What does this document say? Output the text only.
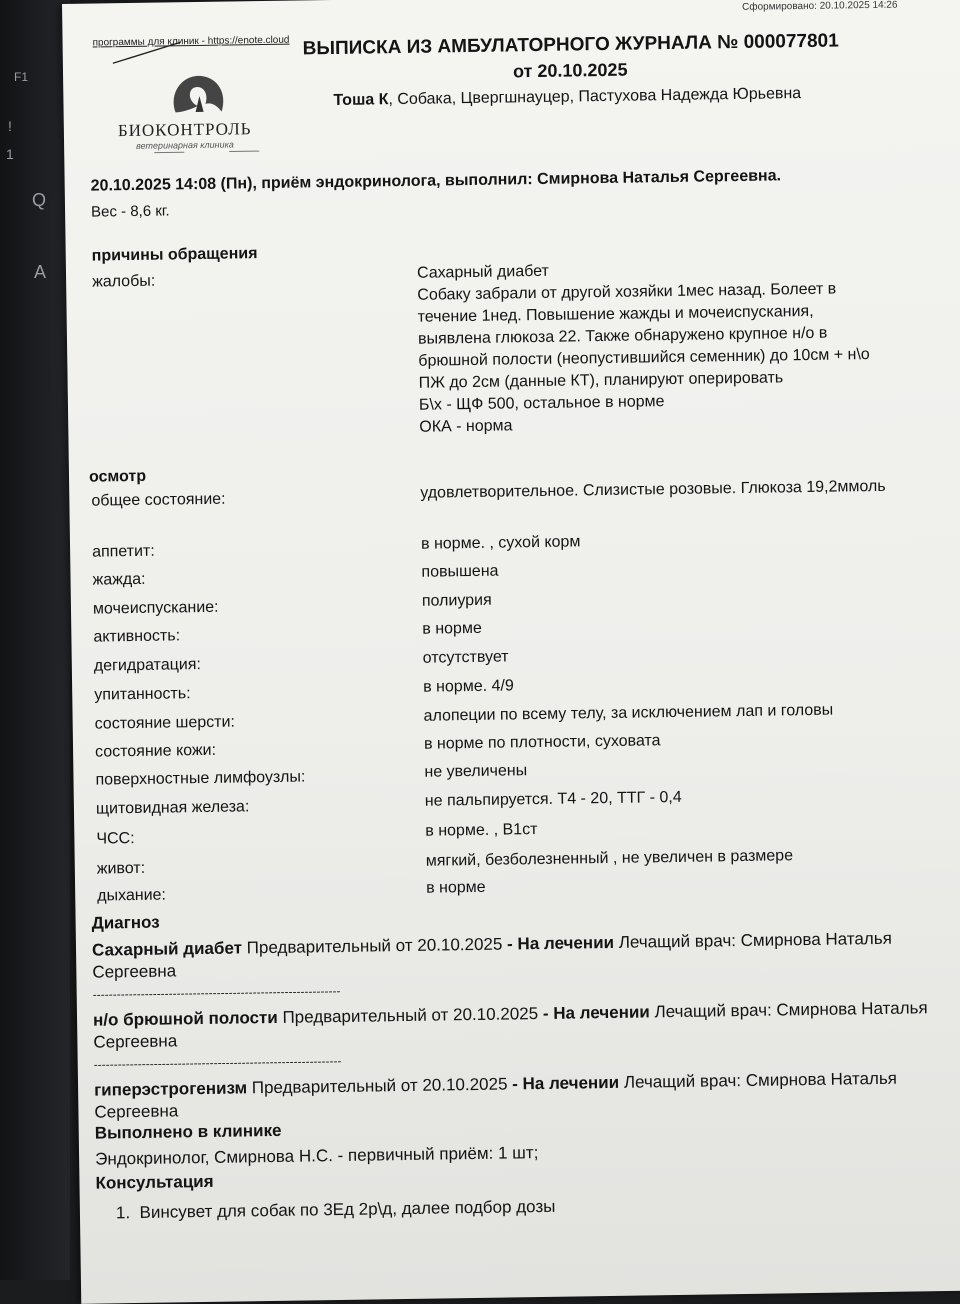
F1
!
1
Q
A
Сформировано: 20.10.2025 14:26
программы для клиник - https://enote.cloud
БИОКОНТРОЛЬ
ветеринарная клиника
ВЫПИСКА ИЗ АМБУЛАТОРНОГО ЖУРНАЛА № 000077801
от 20.10.2025
Тоша К, Собака, Цвергшнауцер, Пастухова Надежда Юрьевна
20.10.2025 14:08 (Пн), приём эндокринолога, выполнил: Смирнова Наталья Сергеевна.
Вес - 8,6 кг.
причины обращения
жалобы:	Сахарный диабет
Собаку забрали от другой хозяйки 1мес назад. Болеет в
течение 1нед. Повышение жажды и мочеиспускания,
выявлена глюкоза 22. Также обнаружено крупное н/о в
брюшной полости (неопустившийся семенник) до 10см + н\о
ПЖ до 2см (данные КТ), планируют оперировать
Б\х - ЩФ 500, остальное в норме
ОКА - норма
осмотр
общее состояние:	удовлетворительное. Слизистые розовые. Глюкоза 19,2ммоль
аппетит:	в норме. , сухой корм
жажда:	повышена
мочеиспускание:	полиурия
активность:	в норме
дегидратация:	отсутствует
упитанность:	в норме. 4/9
состояние шерсти:	алопеции по всему телу, за исключением лап и головы
состояние кожи:	в норме по плотности, суховата
поверхностные лимфоузлы:	не увеличены
щитовидная железа:	не пальпируется. Т4 - 20, ТТГ - 0,4
ЧСС:	в норме. , В1ст
живот:	мягкий, безболезненный , не увеличен в размере
дыхание:	в норме
Диагноз
Сахарный диабет Предварительный от 20.10.2025 - На лечении Лечащий врач: Смирнова Наталья Сергеевна
--------------------------------------------------------------
н/о брюшной полости Предварительный от 20.10.2025 - На лечении Лечащий врач: Смирнова Наталья Сергеевна
--------------------------------------------------------------
гиперэстрогенизм Предварительный от 20.10.2025 - На лечении Лечащий врач: Смирнова Наталья Сергеевна
Выполнено в клинике
Эндокринолог, Смирнова Н.С. - первичный приём: 1 шт;
Консультация
1.  Винсувет для собак по 3Ед 2р\д, далее подбор дозы
